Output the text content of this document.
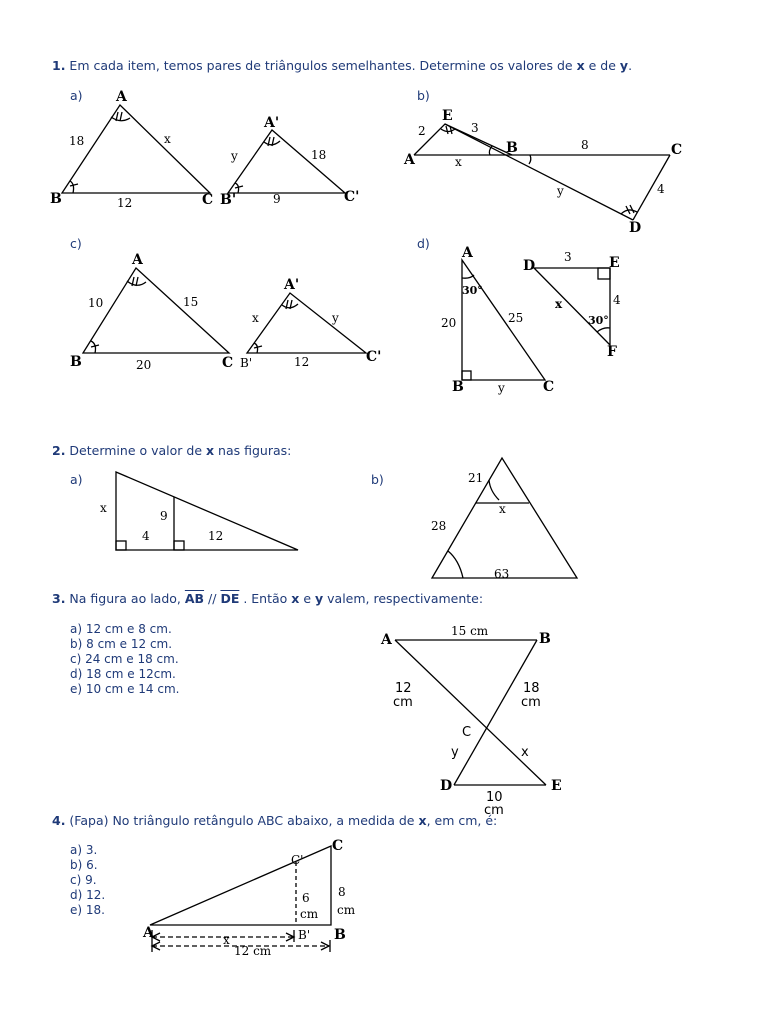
1. Em cada item, temos pares de triângulos semelhantes. Determine os valores de x e de y.
a)	b)
c)	d)
2. Determine o valor de x nas figuras:
a)	b)
3. Na figura ao lado, $\overline{AB} // \overline{DE}$ . Então x e y valem, respectivamente:
a) 12 cm e 8 cm.
b) 8 cm e 12 cm.
c) 24 cm e 18 cm.
d) 18 cm e 12cm.
e) 10 cm e 14 cm.
4. (Fapa) No triângulo retângulo ABC abaixo, a medida de x, em cm, é:
a) 3.
b) 6.
c) 9.
d) 12.
e) 18.
A
B	C
A'
B'	C'
18	x
12
y	18
9
E
A
B	C
D
2	3
x
8
y	4
A
B	C
A'
B'	C'
10	15
20
x	y
12
A
B	C
D	E
F
30°
20	25
y
3
4
x
30°
x
9
4	12
21
x
28
63
A	B
C
D	E
15 cm
12
cm
18
cm
y	x
10
cm
A	B
C
C'
B'
6
cm
8
cm
x
12 cm
